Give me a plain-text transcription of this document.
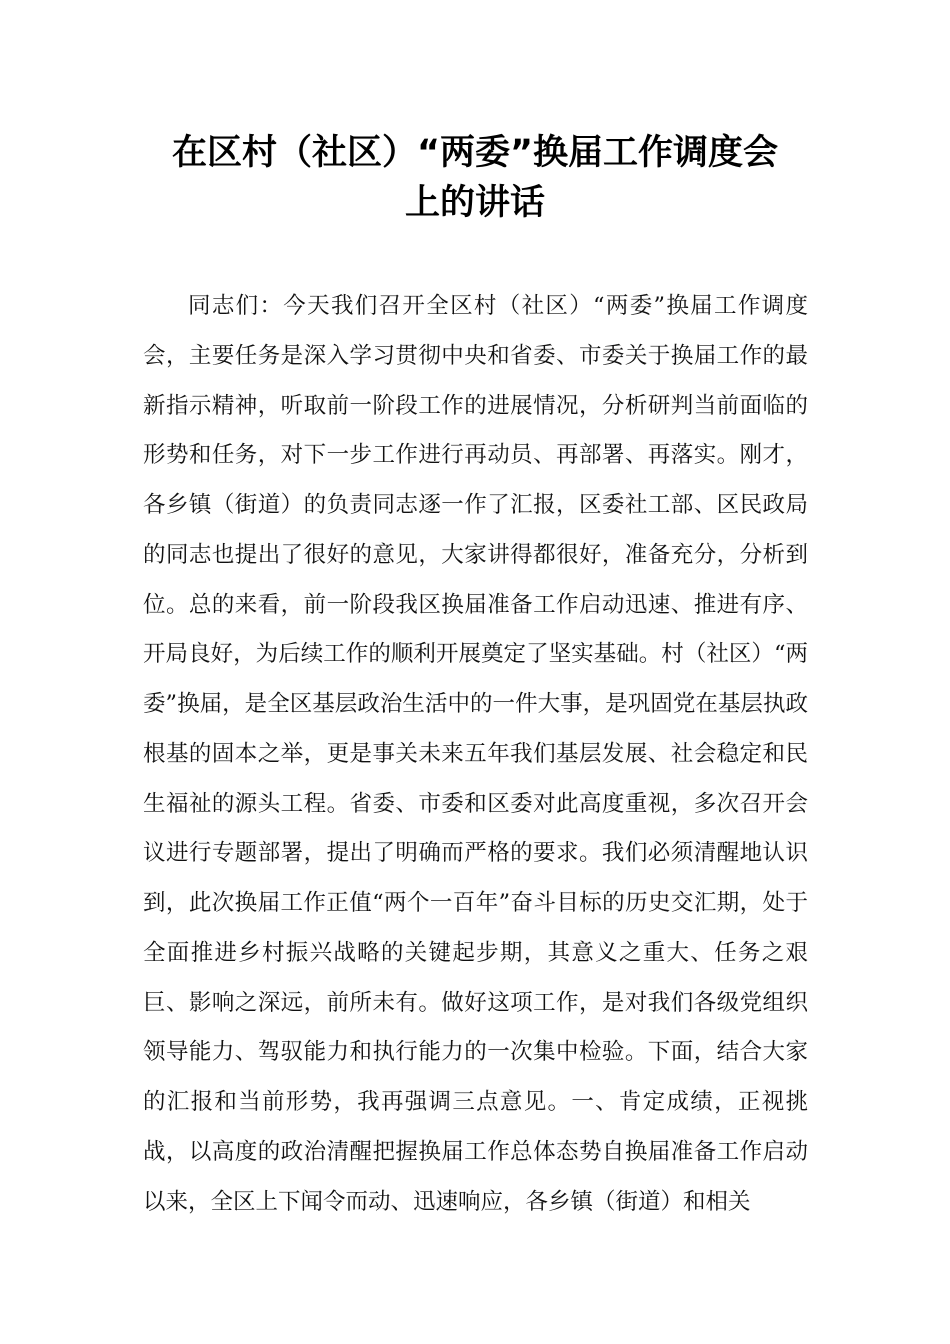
在区村（社区）“两委”换届工作调度会
上的讲话

同志们：今天我们召开全区村（社区）“两委”换届工作调度会，主要任务是深入学习贯彻中央和省委、市委关于换届工作的最新指示精神，听取前一阶段工作的进展情况，分析研判当前面临的形势和任务，对下一步工作进行再动员、再部署、再落实。刚才，各乡镇（街道）的负责同志逐一作了汇报，区委社工部、区民政局的同志也提出了很好的意见，大家讲得都很好，准备充分，分析到位。总的来看，前一阶段我区换届准备工作启动迅速、推进有序、开局良好，为后续工作的顺利开展奠定了坚实基础。村（社区）“两委”换届，是全区基层政治生活中的一件大事，是巩固党在基层执政根基的固本之举，更是事关未来五年我们基层发展、社会稳定和民生福祉的源头工程。省委、市委和区委对此高度重视，多次召开会议进行专题部署，提出了明确而严格的要求。我们必须清醒地认识到，此次换届工作正值“两个一百年”奋斗目标的历史交汇期，处于全面推进乡村振兴战略的关键起步期，其意义之重大、任务之艰巨、影响之深远，前所未有。做好这项工作，是对我们各级党组织领导能力、驾驭能力和执行能力的一次集中检验。下面，结合大家的汇报和当前形势，我再强调三点意见。一、肯定成绩，正视挑战，以高度的政治清醒把握换届工作总体态势自换届准备工作启动以来，全区上下闻令而动、迅速响应，各乡镇（街道）和相关
